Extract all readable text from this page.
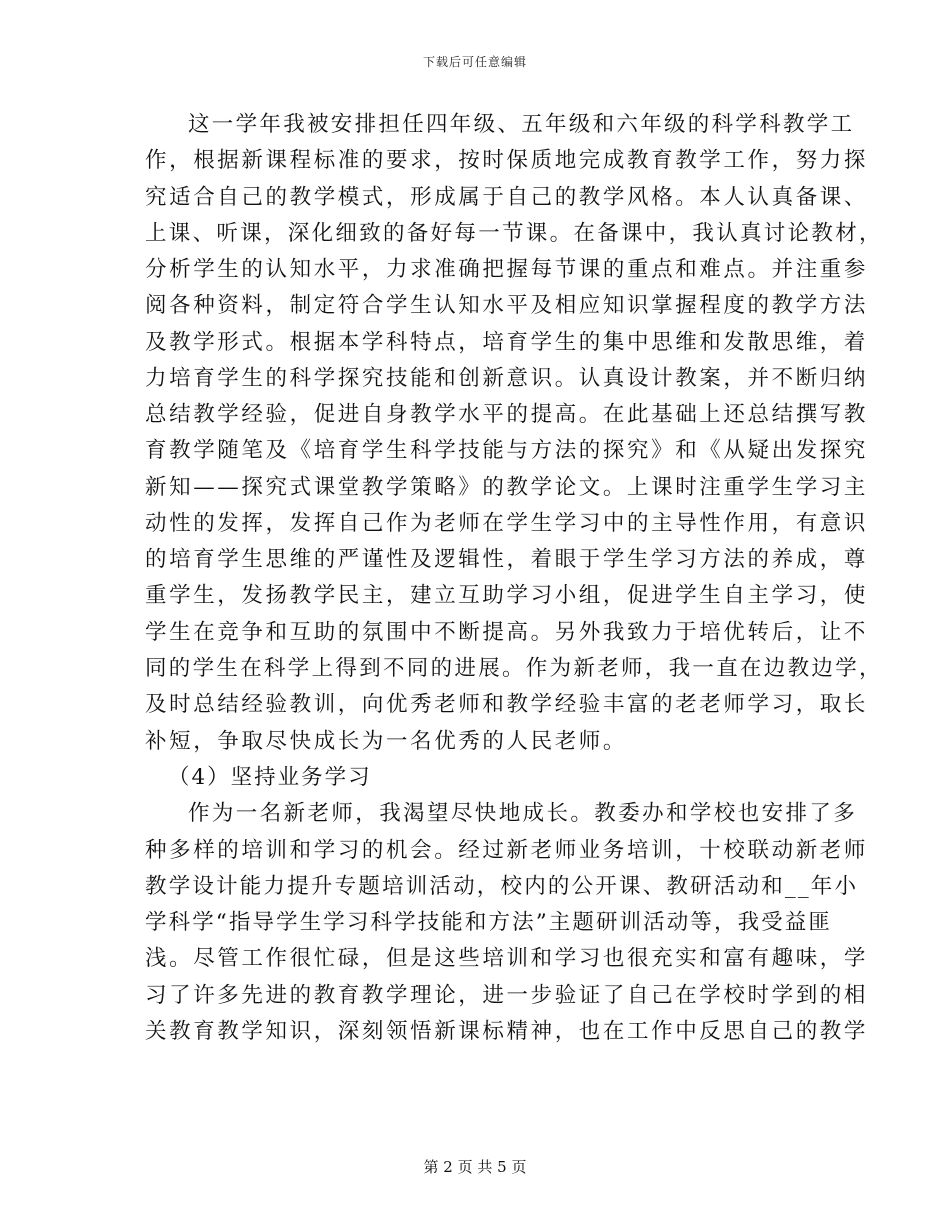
下载后可任意编辑
这一学年我被安排担任四年级、五年级和六年级的科学科教学工
作，根据新课程标准的要求，按时保质地完成教育教学工作，努力探
究适合自己的教学模式，形成属于自己的教学风格。本人认真备课、
上课、听课，深化细致的备好每一节课。在备课中，我认真讨论教材，
分析学生的认知水平，力求准确把握每节课的重点和难点。并注重参
阅各种资料，制定符合学生认知水平及相应知识掌握程度的教学方法
及教学形式。根据本学科特点，培育学生的集中思维和发散思维，着
力培育学生的科学探究技能和创新意识。认真设计教案，并不断归纳
总结教学经验，促进自身教学水平的提高。在此基础上还总结撰写教
育教学随笔及《培育学生科学技能与方法的探究》和《从疑出发探究
新知——探究式课堂教学策略》的教学论文。上课时注重学生学习主
动性的发挥，发挥自己作为老师在学生学习中的主导性作用，有意识
的培育学生思维的严谨性及逻辑性，着眼于学生学习方法的养成，尊
重学生，发扬教学民主，建立互助学习小组，促进学生自主学习，使
学生在竞争和互助的氛围中不断提高。另外我致力于培优转后，让不
同的学生在科学上得到不同的进展。作为新老师，我一直在边教边学，
及时总结经验教训，向优秀老师和教学经验丰富的老老师学习，取长
补短，争取尽快成长为一名优秀的人民老师。
（4）坚持业务学习
作为一名新老师，我渴望尽快地成长。教委办和学校也安排了多
种多样的培训和学习的机会。经过新老师业务培训，十校联动新老师
教学设计能力提升专题培训活动，校内的公开课、教研活动和__年小
学科学“指导学生学习科学技能和方法”主题研训活动等，我受益匪
浅。尽管工作很忙碌，但是这些培训和学习也很充实和富有趣味，学
习了许多先进的教育教学理论，进一步验证了自己在学校时学到的相
关教育教学知识，深刻领悟新课标精神，也在工作中反思自己的教学
第 2 页 共 5 页
